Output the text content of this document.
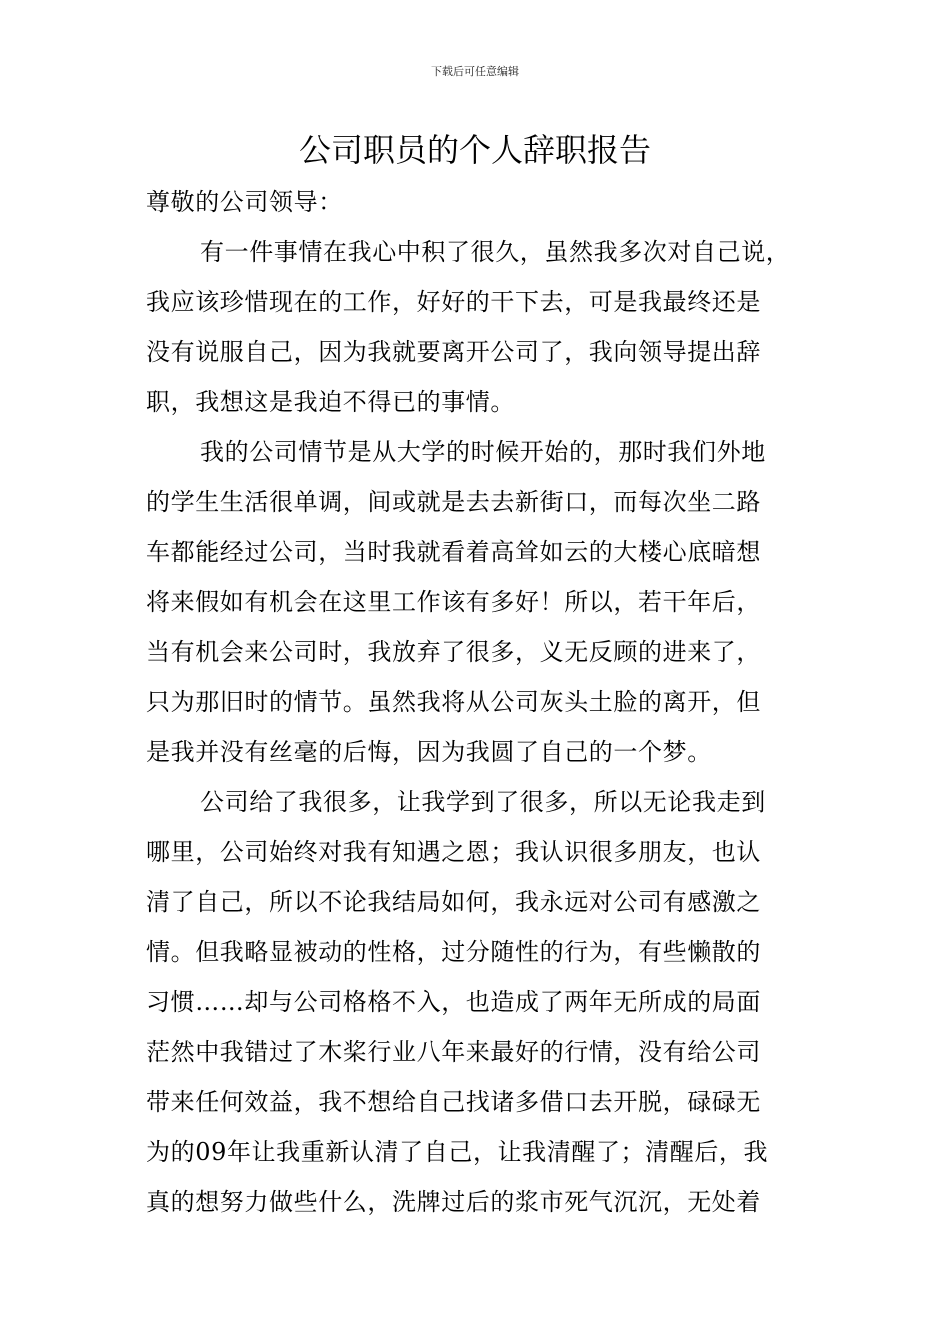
下载后可任意编辑
公司职员的个人辞职报告
尊敬的公司领导：
有一件事情在我心中积了很久，虽然我多次对自己说，
我应该珍惜现在的工作，好好的干下去，可是我最终还是
没有说服自己，因为我就要离开公司了，我向领导提出辞
职，我想这是我迫不得已的事情。
我的公司情节是从大学的时候开始的，那时我们外地
的学生生活很单调，间或就是去去新街口，而每次坐二路
车都能经过公司，当时我就看着高耸如云的大楼心底暗想
将来假如有机会在这里工作该有多好！所以，若干年后，
当有机会来公司时，我放弃了很多，义无反顾的进来了，
只为那旧时的情节。虽然我将从公司灰头土脸的离开，但
是我并没有丝毫的后悔，因为我圆了自己的一个梦。
公司给了我很多，让我学到了很多，所以无论我走到
哪里，公司始终对我有知遇之恩；我认识很多朋友，也认
清了自己，所以不论我结局如何，我永远对公司有感激之
情。但我略显被动的性格，过分随性的行为，有些懒散的
习惯……却与公司格格不入，也造成了两年无所成的局面
茫然中我错过了木桨行业八年来最好的行情，没有给公司
带来任何效益，我不想给自己找诸多借口去开脱，碌碌无
为的09年让我重新认清了自己，让我清醒了；清醒后，我
真的想努力做些什么，洗牌过后的浆市死气沉沉，无处着
